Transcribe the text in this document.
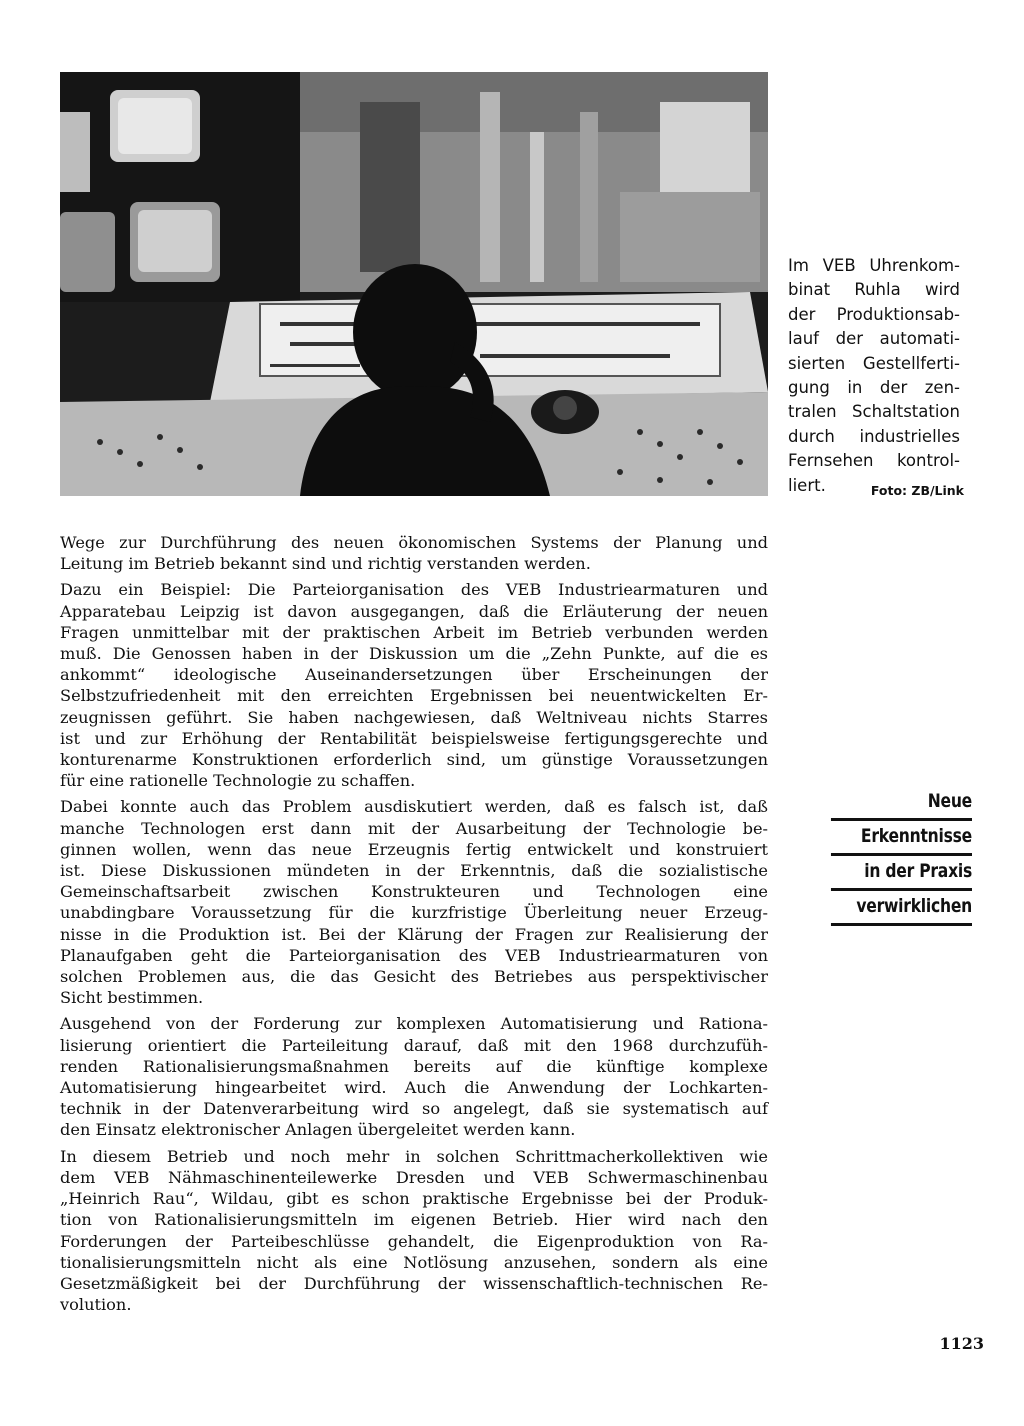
Im VEB Uhrenkom-
binat Ruhla wird
der Produktionsab-
lauf der automati-
sierten Gestellferti-
gung in der zen-
tralen Schaltstation
durch industrielles
Fernsehen kontrol-
liert.	Foto: ZB/Link
Wege zur Durchführung des neuen ökonomischen Systems der Planung und
Leitung im Betrieb bekannt sind und richtig verstanden werden.
Dazu ein Beispiel: Die Parteiorganisation des VEB Industriearmaturen und
Apparatebau Leipzig ist davon ausgegangen, daß die Erläuterung der neuen
Fragen unmittelbar mit der praktischen Arbeit im Betrieb verbunden werden
muß. Die Genossen haben in der Diskussion um die „Zehn Punkte, auf die es
ankommt“ ideologische Auseinandersetzungen über Erscheinungen der
Selbstzufriedenheit mit den erreichten Ergebnissen bei neuentwickelten Er-
zeugnissen geführt. Sie haben nachgewiesen, daß Weltniveau nichts Starres
ist und zur Erhöhung der Rentabilität beispielsweise fertigungsgerechte und
konturenarme Konstruktionen erforderlich sind, um günstige Voraussetzungen
für eine rationelle Technologie zu schaffen.
Dabei konnte auch das Problem ausdiskutiert werden, daß es falsch ist, daß
manche Technologen erst dann mit der Ausarbeitung der Technologie be-
ginnen wollen, wenn das neue Erzeugnis fertig entwickelt und konstruiert
ist. Diese Diskussionen mündeten in der Erkenntnis, daß die sozialistische
Gemeinschaftsarbeit zwischen Konstrukteuren und Technologen eine
unabdingbare Voraussetzung für die kurzfristige Überleitung neuer Erzeug-
nisse in die Produktion ist. Bei der Klärung der Fragen zur Realisierung der
Planaufgaben geht die Parteiorganisation des VEB Industriearmaturen von
solchen Problemen aus, die das Gesicht des Betriebes aus perspektivischer
Sicht bestimmen.
Ausgehend von der Forderung zur komplexen Automatisierung und Rationa-
lisierung orientiert die Parteileitung darauf, daß mit den 1968 durchzufüh-
renden Rationalisierungsmaßnahmen bereits auf die künftige komplexe
Automatisierung hingearbeitet wird. Auch die Anwendung der Lochkarten-
technik in der Datenverarbeitung wird so angelegt, daß sie systematisch auf
den Einsatz elektronischer Anlagen übergeleitet werden kann.
In diesem Betrieb und noch mehr in solchen Schrittmacherkollektiven wie
dem VEB Nähmaschinenteilewerke Dresden und VEB Schwermaschinenbau
„Heinrich Rau“, Wildau, gibt es schon praktische Ergebnisse bei der Produk-
tion von Rationalisierungsmitteln im eigenen Betrieb. Hier wird nach den
Forderungen der Parteibeschlüsse gehandelt, die Eigenproduktion von Ra-
tionalisierungsmitteln nicht als eine Notlösung anzusehen, sondern als eine
Gesetzmäßigkeit bei der Durchführung der wissenschaftlich-technischen Re-
volution.
Neue
Erkenntnisse
in der Praxis
verwirklichen
1123
